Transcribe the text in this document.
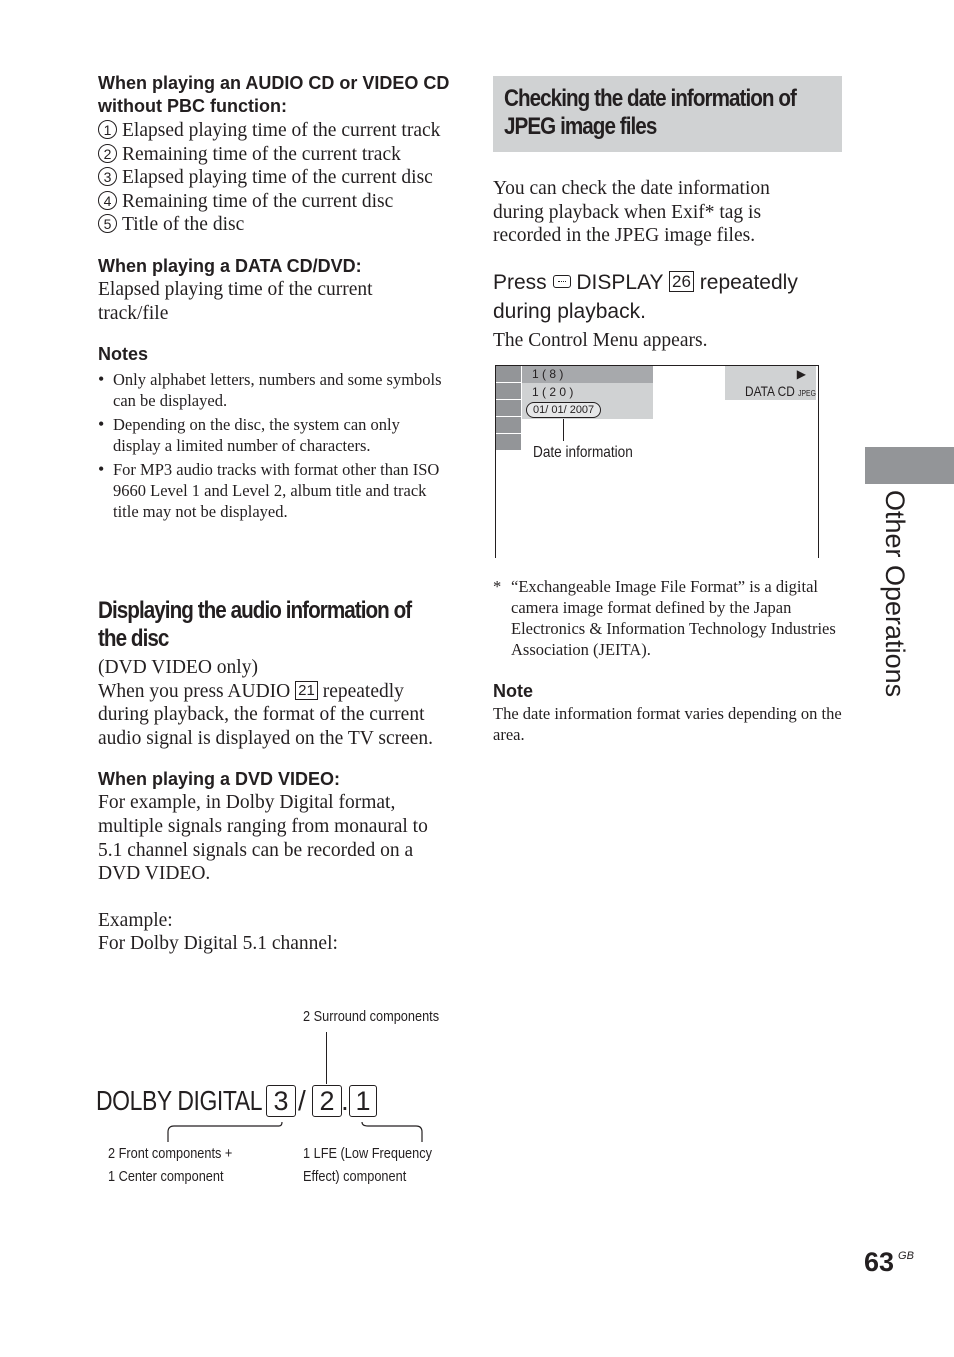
When playing an AUDIO CD or VIDEO CD without PBC function:
1 Elapsed playing time of the current track
2 Remaining time of the current track
3 Elapsed playing time of the current disc
4 Remaining time of the current disc
5 Title of the disc
When playing a DATA CD/DVD:
Elapsed playing time of the current track/file
Notes
• Only alphabet letters, numbers and some symbols can be displayed.
• Depending on the disc, the system can only display a limited number of characters.
• For MP3 audio tracks with format other than ISO 9660 Level 1 and Level 2, album title and track title may not be displayed.
Displaying the audio information of the disc
(DVD VIDEO only)
When you press AUDIO 21 repeatedly during playback, the format of the current audio signal is displayed on the TV screen.
When playing a DVD VIDEO:
For example, in Dolby Digital format, multiple signals ranging from monaural to 5.1 channel signals can be recorded on a DVD VIDEO.
Example:
For Dolby Digital 5.1 channel:
2 Surround components
DOLBY DIGITAL 3 / 2 . 1
2 Front components +
1 Center component
1 LFE (Low Frequency
Effect) component
Checking the date information of JPEG image files
You can check the date information during playback when Exif* tag is recorded in the JPEG image files.
Press DISPLAY 26 repeatedly during playback.
The Control Menu appears.
1 ( 8 )
1 ( 2 0 )
01/ 01/ 2007
Date information
▶
DATA CD JPEG
* “Exchangeable Image File Format” is a digital camera image format defined by the Japan Electronics & Information Technology Industries Association (JEITA).
Note
The date information format varies depending on the area.
Other Operations
63 $^{GB}$
